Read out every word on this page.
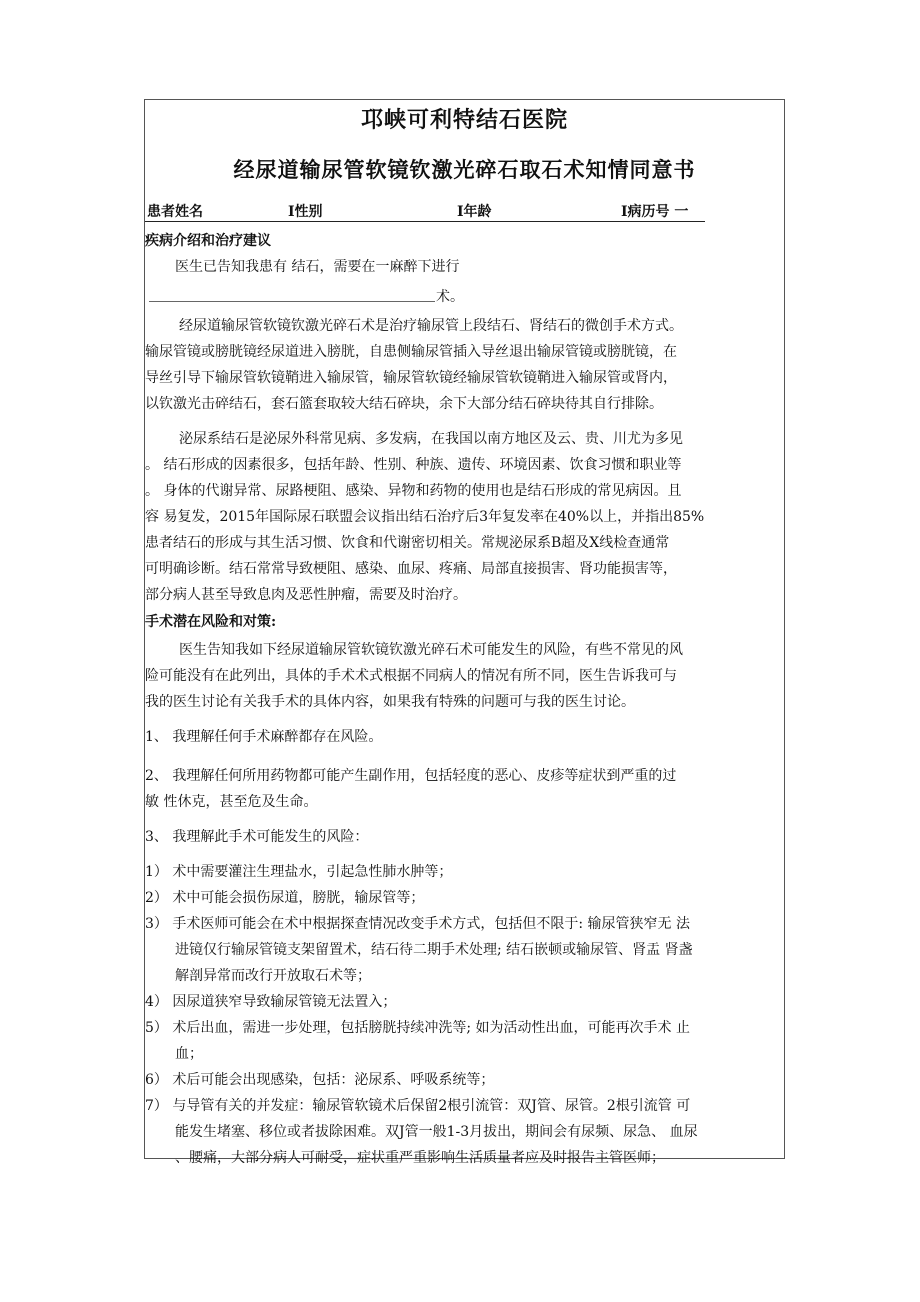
邛峡可利特结石医院
经尿道输尿管软镜钦激光碎石取石术知情同意书
患者姓名	I性别	I年龄	I病历号 一
疾病介绍和治疗建议
医生已告知我患有 结石，需要在一麻醉下进行
术。
经尿道输尿管软镜钦激光碎石术是治疗输尿管上段结石、肾结石的微创手术方式。
输尿管镜或膀胱镜经尿道进入膀胱，自患侧输尿管插入导丝退出输尿管镜或膀胱镜，在
导丝引导下输尿管软镜鞘进入输尿管，输尿管软镜经输尿管软镜鞘进入输尿管或肾内，
以钦激光击碎结石，套石篮套取较大结石碎块，余下大部分结石碎块待其自行排除。
泌尿系结石是泌尿外科常见病、多发病，在我国以南方地区及云、贵、川尤为多见
。 结石形成的因素很多，包括年龄、性别、种族、遗传、环境因素、饮食习惯和职业等
。 身体的代谢异常、尿路梗阻、感染、异物和药物的使用也是结石形成的常见病因。且
容 易复发，2015年国际尿石联盟会议指出结石治疗后3年复发率在40%以上，并指出85%
患者结石的形成与其生活习惯、饮食和代谢密切相关。常规泌尿系B超及X线检查通常
可明确诊断。结石常常导致梗阻、感染、血尿、疼痛、局部直接损害、肾功能损害等，
部分病人甚至导致息肉及恶性肿瘤，需要及时治疗。
手术潜在风险和对策:
医生告知我如下经尿道输尿管软镜钦激光碎石术可能发生的风险，有些不常见的风
险可能没有在此列出，具体的手术术式根据不同病人的情况有所不同，医生告诉我可与
我的医生讨论有关我手术的具体内容，如果我有特殊的问题可与我的医生讨论。
1、 我理解任何手术麻醉都存在风险。
2、 我理解任何所用药物都可能产生副作用，包括轻度的恶心、皮疹等症状到严重的过
敏 性休克，甚至危及生命。
3、 我理解此手术可能发生的风险：
1） 术中需要灌注生理盐水，引起急性肺水肿等；
2） 术中可能会损伤尿道，膀胱，输尿管等；
3） 手术医师可能会在术中根据探查情况改变手术方式，包括但不限于: 输尿管狭窄无 法
进镜仅行输尿管镜支架留置术，结石待二期手术处理; 结石嵌顿或输尿管、肾盂 肾盏
解剖异常而改行开放取石术等；
4） 因尿道狭窄导致输尿管镜无法置入；
5） 术后出血，需进一步处理，包括膀胱持续冲洗等; 如为活动性出血，可能再次手术 止
血；
6） 术后可能会出现感染，包括：泌尿系、呼吸系统等；
7） 与导管有关的并发症：输尿管软镜术后保留2根引流管：双J管、尿管。2根引流管 可
能发生堵塞、移位或者拔除困难。双J管一般1-3月拔出，期间会有尿频、尿急、 血尿
、腰痛，大部分病人可耐受，症状重严重影响生活质量者应及时报告主管医师；
